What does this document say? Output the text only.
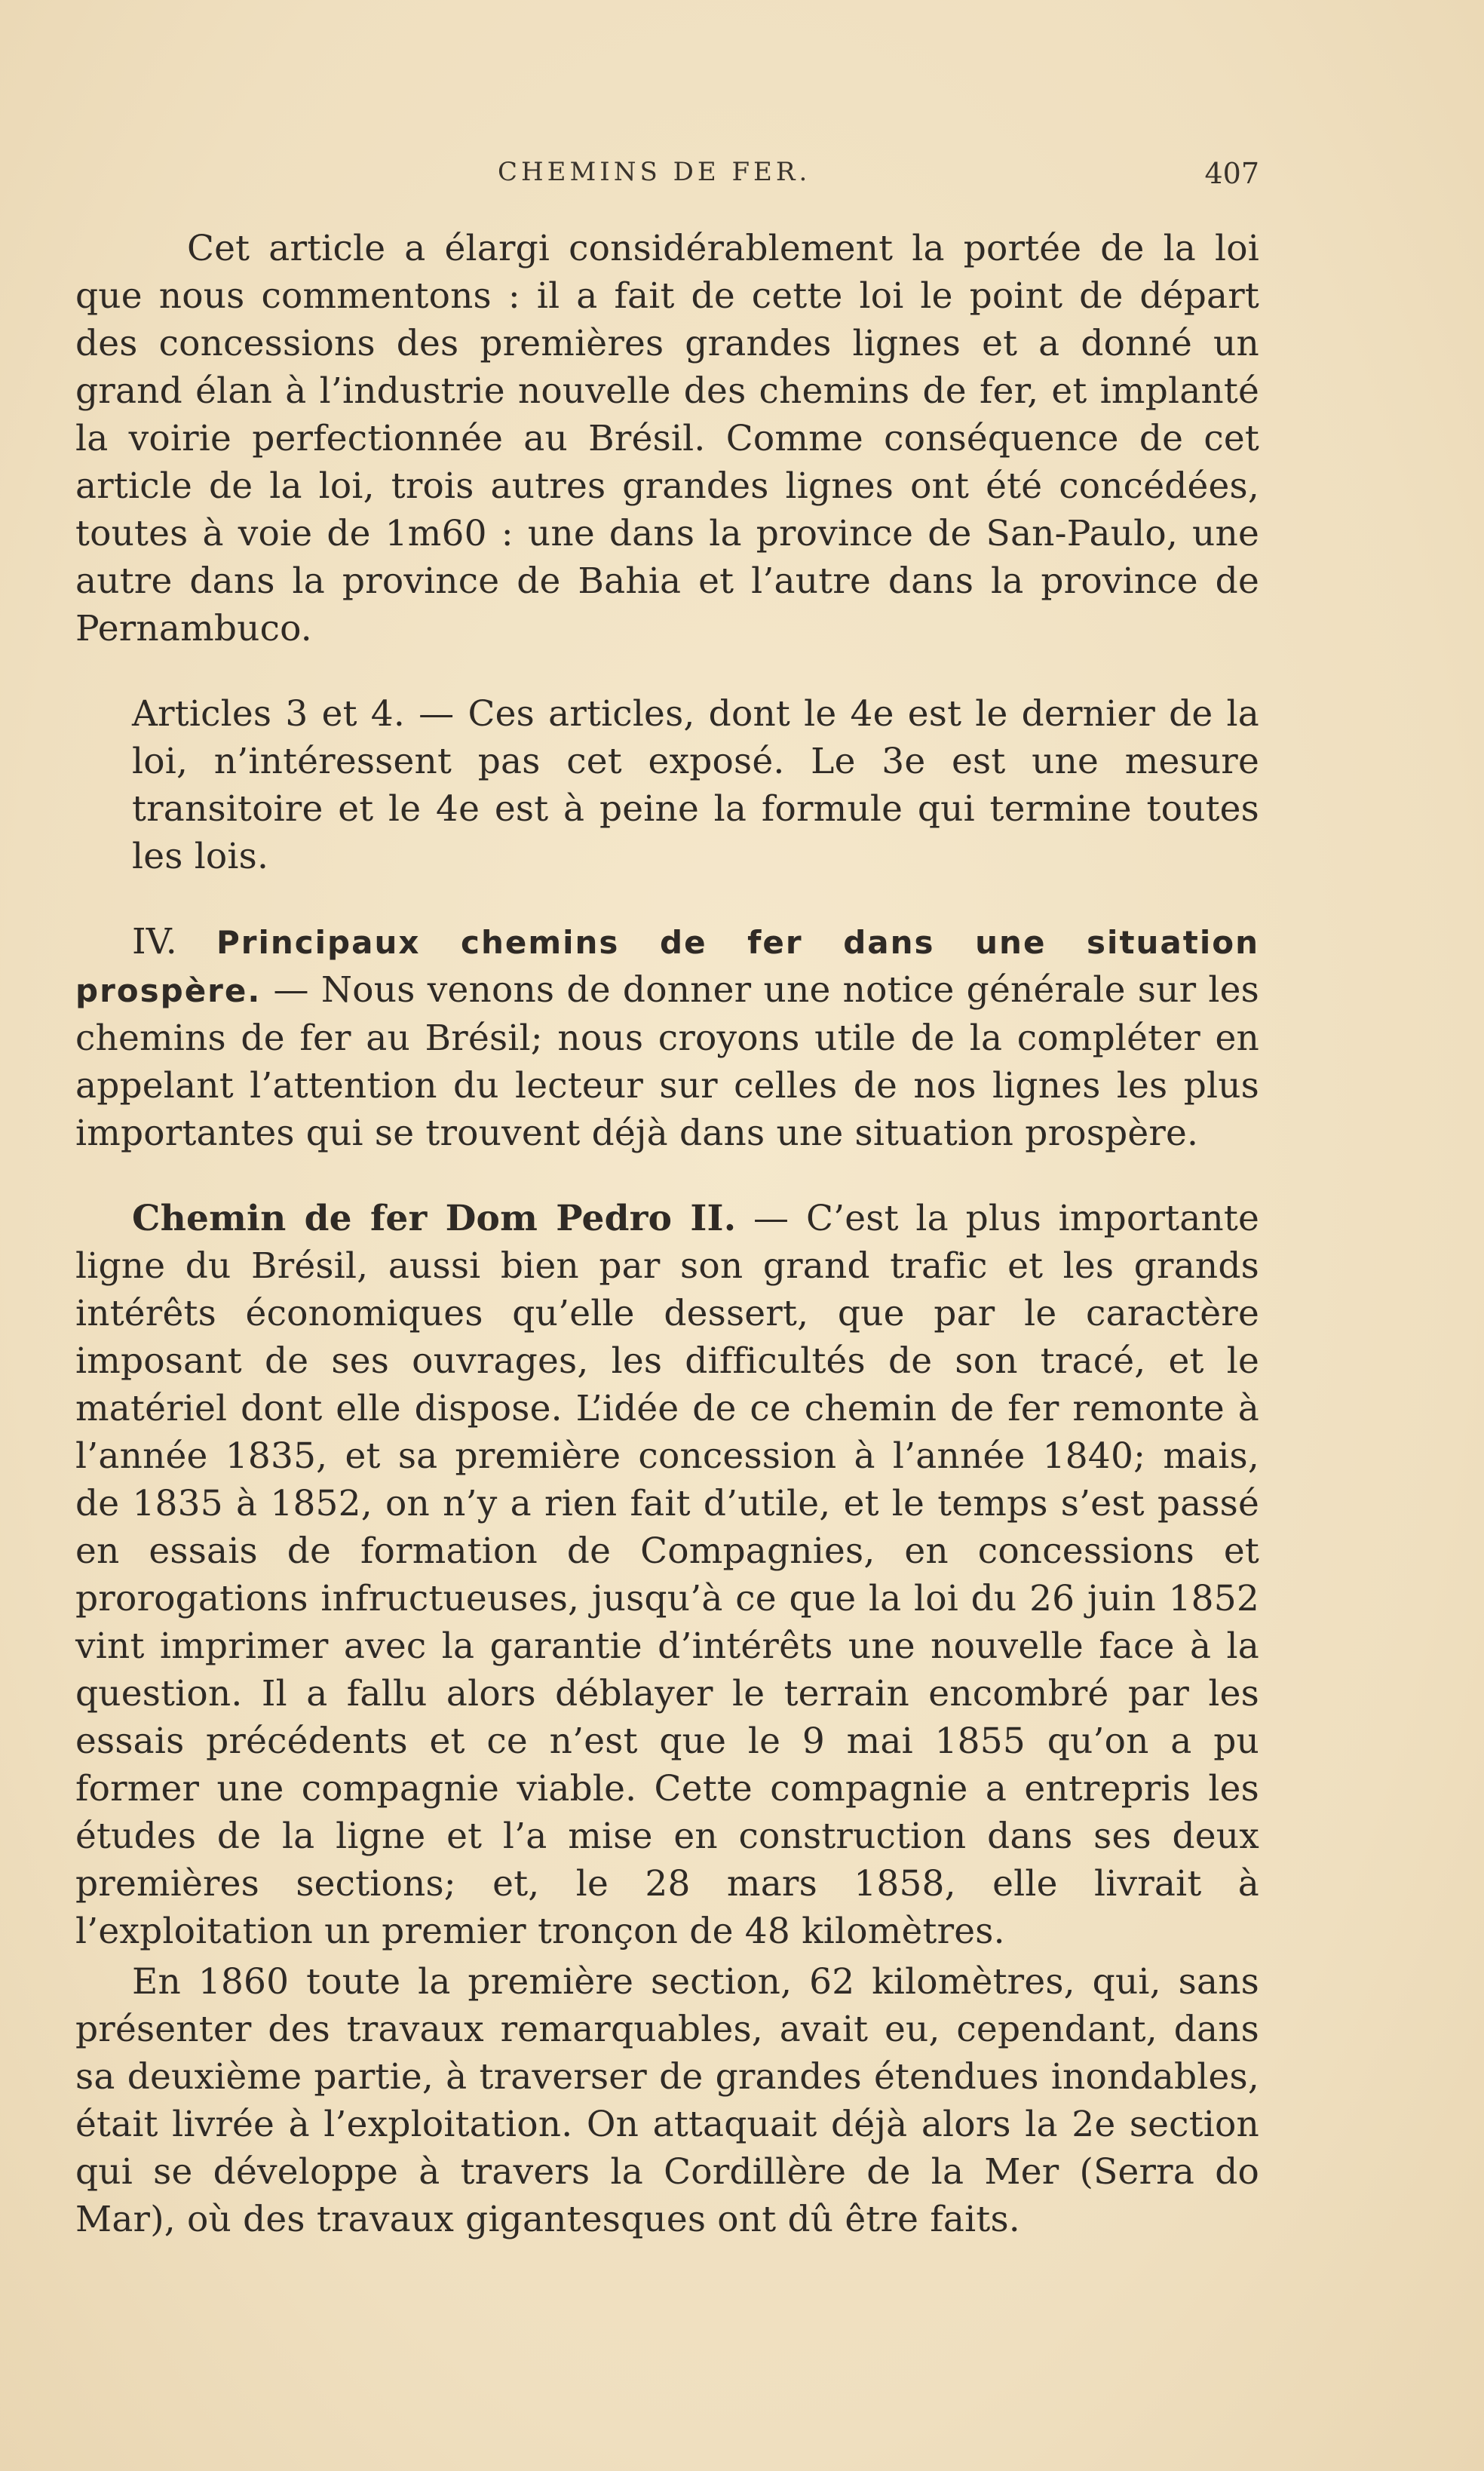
CHEMINS DE FER.	407

Cet article a élargi considérablement la portée de la loi que nous commentons : il a fait de cette loi le point de départ des concessions des premières grandes lignes et a donné un grand élan à l’industrie nouvelle des chemins de fer, et implanté la voirie perfectionnée au Brésil. Comme conséquence de cet article de la loi, trois autres grandes lignes ont été concédées, toutes à voie de 1m60 : une dans la province de San-Paulo, une autre dans la province de Bahia et l’autre dans la province de Pernambuco.

Articles 3 et 4. — Ces articles, dont le 4e est le dernier de la loi, n’intéressent pas cet exposé. Le 3e est une mesure transitoire et le 4e est à peine la formule qui termine toutes les lois.

IV. Principaux chemins de fer dans une situation prospère. — Nous venons de donner une notice générale sur les chemins de fer au Brésil; nous croyons utile de la compléter en appelant l’attention du lecteur sur celles de nos lignes les plus importantes qui se trouvent déjà dans une situation prospère.

Chemin de fer Dom Pedro II. — C’est la plus importante ligne du Brésil, aussi bien par son grand trafic et les grands intérêts économiques qu’elle dessert, que par le caractère imposant de ses ouvrages, les difficultés de son tracé, et le matériel dont elle dispose. L’idée de ce chemin de fer remonte à l’année 1835, et sa première concession à l’année 1840; mais, de 1835 à 1852, on n’y a rien fait d’utile, et le temps s’est passé en essais de formation de Compagnies, en concessions et prorogations infructueuses, jusqu’à ce que la loi du 26 juin 1852 vint imprimer avec la garantie d’intérêts une nouvelle face à la question. Il a fallu alors déblayer le terrain encombré par les essais précédents et ce n’est que le 9 mai 1855 qu’on a pu former une compagnie viable. Cette compagnie a entrepris les études de la ligne et l’a mise en construction dans ses deux premières sections; et, le 28 mars 1858, elle livrait à l’exploitation un premier tronçon de 48 kilomètres.

En 1860 toute la première section, 62 kilomètres, qui, sans présenter des travaux remarquables, avait eu, cependant, dans sa deuxième partie, à traverser de grandes étendues inondables, était livrée à l’exploitation. On attaquait déjà alors la 2e section qui se développe à travers la Cordillère de la Mer (Serra do Mar), où des travaux gigantesques ont dû être faits.
